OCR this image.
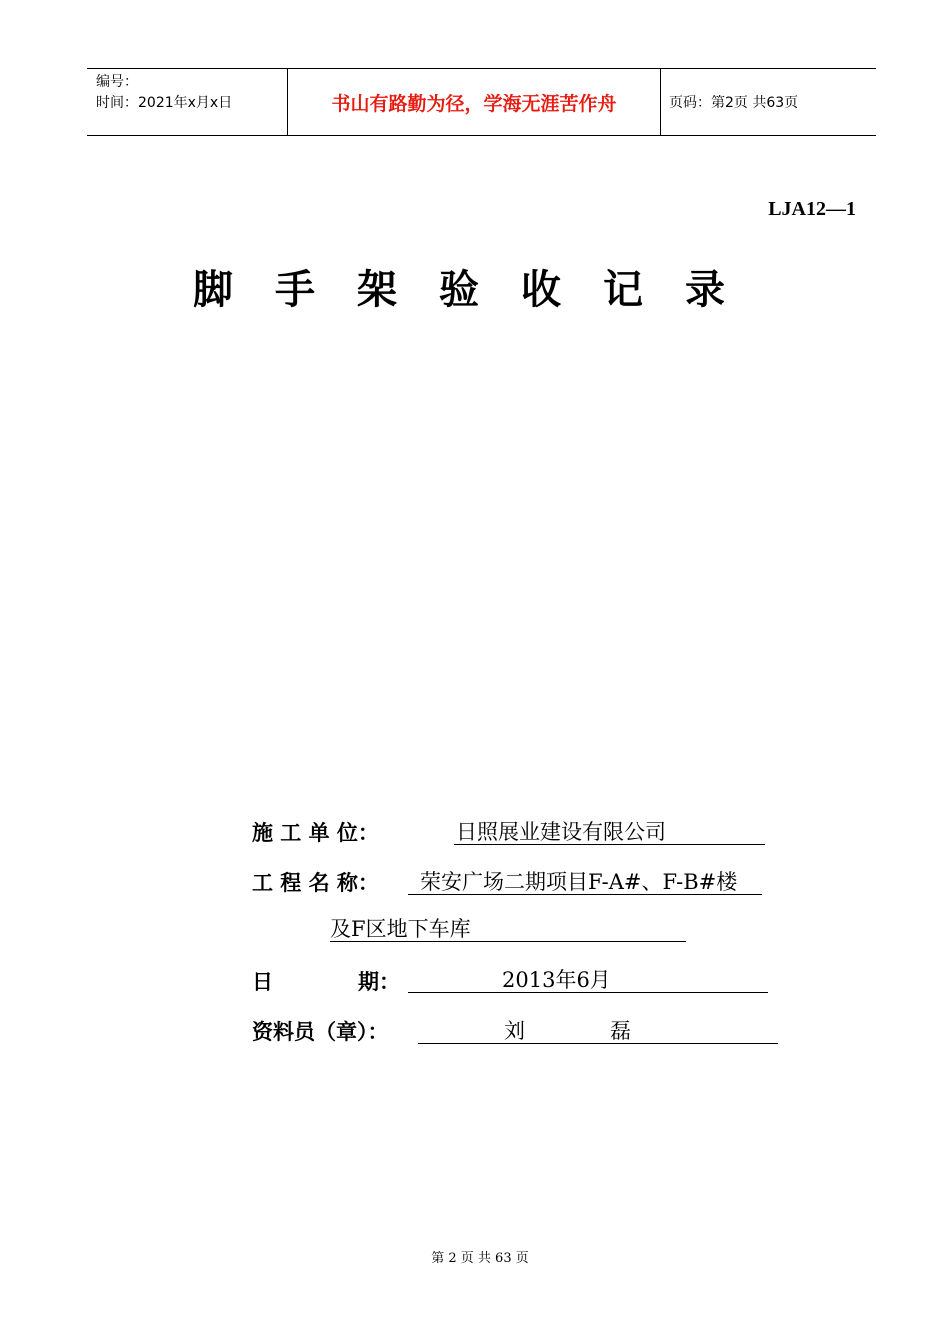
编号：
时间：2021年x月x日	书山有路勤为径，学海无涯苦作舟	页码：第2页 共63页
LJA12—1
脚手架验收记录
施 工 单 位：	日照展业建设有限公司
工 程 名 称： 荣安广场二期项目F-A#、F-B#楼
及F区地下车库
日	期：	2013年6月
资料员（章）：	刘	磊
第 2 页 共 63 页
